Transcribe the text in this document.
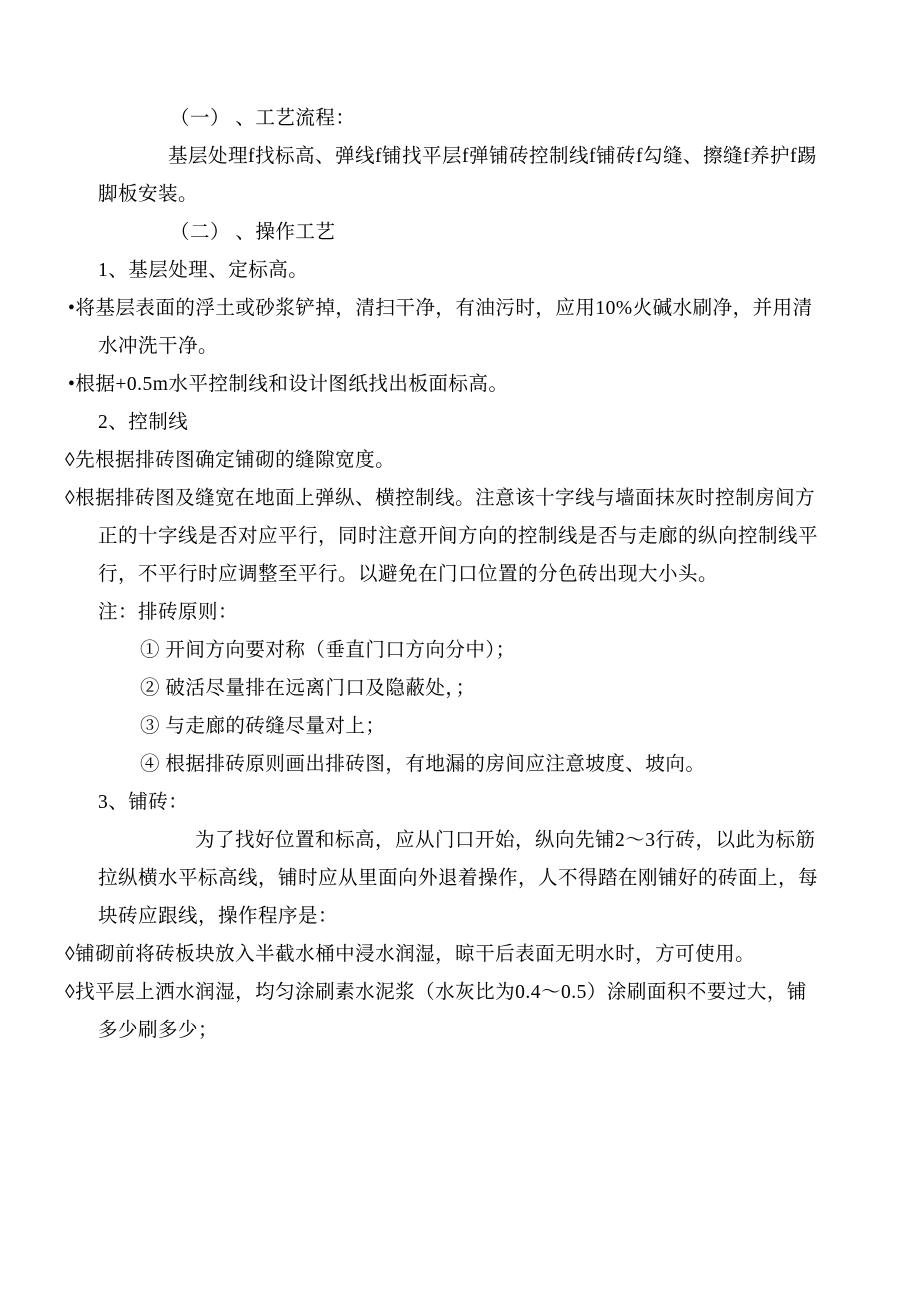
（一） 、工艺流程：

基层处理f找标高、弹线f铺找平层f弹铺砖控制线f铺砖f勾缝、擦缝f养护f踢脚板安装。

（二） 、操作工艺

1、基层处理、定标高。

•将基层表面的浮土或砂浆铲掉，清扫干净，有油污时，应用10%火碱水刷净，并用清水冲洗干净。

•根据+0.5m水平控制线和设计图纸找出板面标高。

2、控制线

◊先根据排砖图确定铺砌的缝隙宽度。

◊根据排砖图及缝宽在地面上弹纵、横控制线。注意该十字线与墙面抹灰时控制房间方正的十字线是否对应平行，同时注意开间方向的控制线是否与走廊的纵向控制线平行，不平行时应调整至平行。以避免在门口位置的分色砖出现大小头。

注：排砖原则：

① 开间方向要对称（垂直门口方向分中）；

② 破活尽量排在远离门口及隐蔽处，；

③ 与走廊的砖缝尽量对上；

④ 根据排砖原则画出排砖图，有地漏的房间应注意坡度、坡向。

3、铺砖：

为了找好位置和标高，应从门口开始，纵向先铺2〜3行砖，以此为标筋拉纵横水平标高线，铺时应从里面向外退着操作，人不得踏在刚铺好的砖面上，每块砖应跟线，操作程序是：

◊铺砌前将砖板块放入半截水桶中浸水润湿，晾干后表面无明水时，方可使用。

◊找平层上洒水润湿，均匀涂刷素水泥浆（水灰比为0.4〜0.5）涂刷面积不要过大，铺多少刷多少；
